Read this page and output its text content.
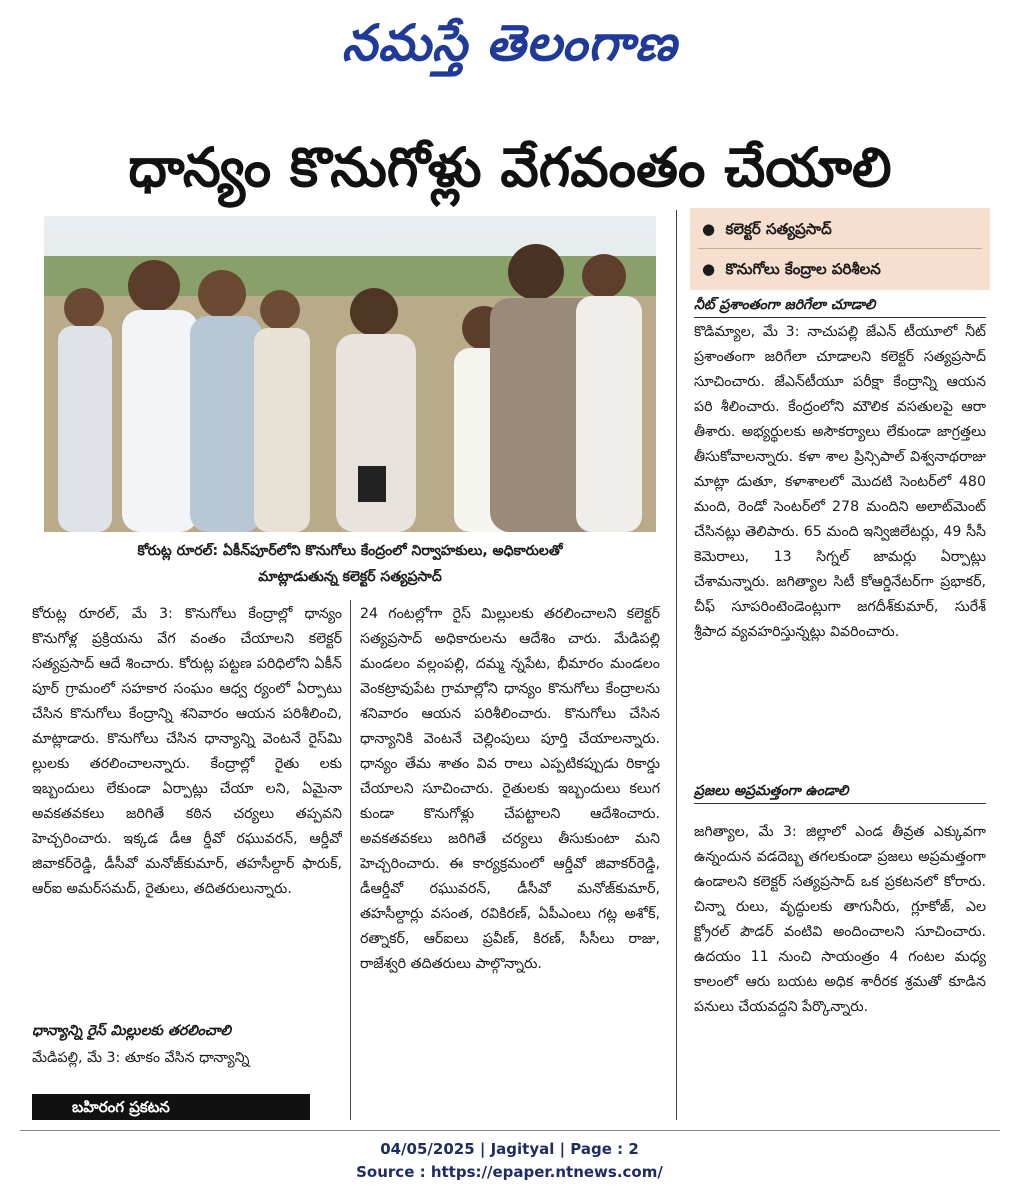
నమస్తే తెలంగాణ
ధాన్యం కొనుగోళ్లు వేగవంతం చేయాలి
కోరుట్ల రూరల్: ఏకీన్‌పూర్‌లోని కొనుగోలు కేంద్రంలో నిర్వాహకులు, అధికారులతో
మాట్లాడుతున్న కలెక్టర్ సత్యప్రసాద్
●  కలెక్టర్ సత్యప్రసాద్
●  కొనుగోలు కేంద్రాల పరిశీలన
నీట్ ప్రశాంతంగా జరిగేలా చూడాలి

కొడిమ్యాల, మే 3: నాచుపల్లి జేఎన్ టీయూలో నీట్ ప్రశాంతంగా జరిగేలా చూడాలని కలెక్టర్ సత్యప్రసాద్ సూచించారు. జేఎన్‌టీయూ పరీక్షా కేంద్రాన్ని ఆయన పరి శీలించారు. కేంద్రంలోని మౌలిక వసతులపై ఆరా తీశారు. అభ్యర్థులకు అసౌకర్యాలు లేకుండా జాగ్రత్తలు తీసుకోవాలన్నారు. కళా శాల ప్రిన్సిపాల్ విశ్వనాథరాజు మాట్లా డుతూ, కళాశాలలో మొదటి సెంటర్‌లో 480 మంది, రెండో సెంటర్‌లో 278 మందిని అలాట్‌మెంట్ చేసినట్లు తెలిపారు. 65 మంది ఇన్విజిలేటర్లు, 49 సీసీ కెమెరాలు, 13 సిగ్నల్ జామర్లు ఏర్పాట్లు చేశామన్నారు. జగిత్యాల సిటీ కోఆర్డినేటర్‌గా ప్రభాకర్, చీఫ్ సూపరింటెండెంట్లుగా జగదీశ్‌కుమార్, సురేశ్ శ్రీపాద వ్యవహరిస్తున్నట్లు వివరించారు.

ప్రజలు అప్రమత్తంగా ఉండాలి

జగిత్యాల, మే 3: జిల్లాలో ఎండ తీవ్రత ఎక్కువగా ఉన్నందున వడదెబ్బ తగలకుండా ప్రజలు అప్రమత్తంగా ఉండాలని కలెక్టర్ సత్యప్రసాద్ ఒక ప్రకటనలో కోరారు. చిన్నా రులు, వృద్ధులకు తాగునీరు, గ్లూకోజ్, ఎల క్ట్రోరల్ పౌడర్ వంటివి అందించాలని సూచించారు. ఉదయం 11 నుంచి సాయంత్రం 4 గంటల మధ్య కాలంలో ఆరు బయట అధిక శారీరక శ్రమతో కూడిన పనులు చేయవద్దని పేర్కొన్నారు.

కోరుట్ల రూరల్, మే 3: కొనుగోలు కేంద్రాల్లో ధాన్యం కొనుగోళ్ల ప్రక్రియను వేగ వంతం చేయాలని కలెక్టర్ సత్యప్రసాద్ ఆదే శించారు. కోరుట్ల పట్టణ పరిధిలోని ఏకీన్ పూర్ గ్రామంలో సహకార సంఘం ఆధ్వ ర్యంలో ఏర్పాటు చేసిన కొనుగోలు కేంద్రాన్ని శనివారం ఆయన పరిశీలించి, మాట్లాడారు. కొనుగోలు చేసిన ధాన్యాన్ని వెంటనే రైస్‌మి ల్లులకు తరలించాలన్నారు. కేంద్రాల్లో రైతు లకు ఇబ్బందులు లేకుండా ఏర్పాట్లు చేయా లని, ఏమైనా అవకతవకలు జరిగితే కఠిన చర్యలు తప్పవని హెచ్చరించారు. ఇక్కడ డీఆ ర్డీవో రఘువరన్, ఆర్డీవో జివాకర్‌రెడ్డి, డీసీవో మనోజ్‌కుమార్, తహసీల్దార్ ఫారుక్, ఆర్ఐ అమర్‌సమద్, రైతులు, తదితరులున్నారు.

ధాన్యాన్ని రైస్ మిల్లులకు తరలించాలి

మేడిపల్లి, మే 3: తూకం వేసిన ధాన్యాన్ని

24 గంటల్లోగా రైస్ మిల్లులకు తరలించాలని కలెక్టర్ సత్యప్రసాద్ అధికారులను ఆదేశిం చారు. మేడిపల్లి మండలం వల్లంపల్లి, దమ్మ న్నపేట, భీమారం మండలం వెంకట్రావుపేట గ్రామాల్లోని ధాన్యం కొనుగోలు కేంద్రాలను శనివారం ఆయన పరిశీలించారు. కొనుగోలు చేసిన ధాన్యానికి వెంటనే చెల్లింపులు పూర్తి చేయాలన్నారు. ధాన్యం తేమ శాతం వివ రాలు ఎప్పటికప్పుడు రికార్డు చేయాలని సూచించారు. రైతులకు ఇబ్బందులు కలుగ కుండా కొనుగోళ్లు చేపట్టాలని ఆదేశించారు. అవకతవకలు జరిగితే చర్యలు తీసుకుంటా మని హెచ్చరించారు. ఈ కార్యక్రమంలో ఆర్డీవో జివాకర్‌రెడ్డి, డీఆర్డీవో రఘువరన్, డీసీవో మనోజ్‌కుమార్, తహసీల్దార్లు వసంత, రవికిరణ్, ఏపీఎంలు గట్ల అశోక్, రత్నాకర్, ఆర్ఐలు ప్రవీణ్, కిరణ్, సీసీలు రాజు, రాజేశ్వరి తదితరులు పాల్గొన్నారు.

బహిరంగ ప్రకటన
04/05/2025 | Jagityal | Page : 2
Source : https://epaper.ntnews.com/
